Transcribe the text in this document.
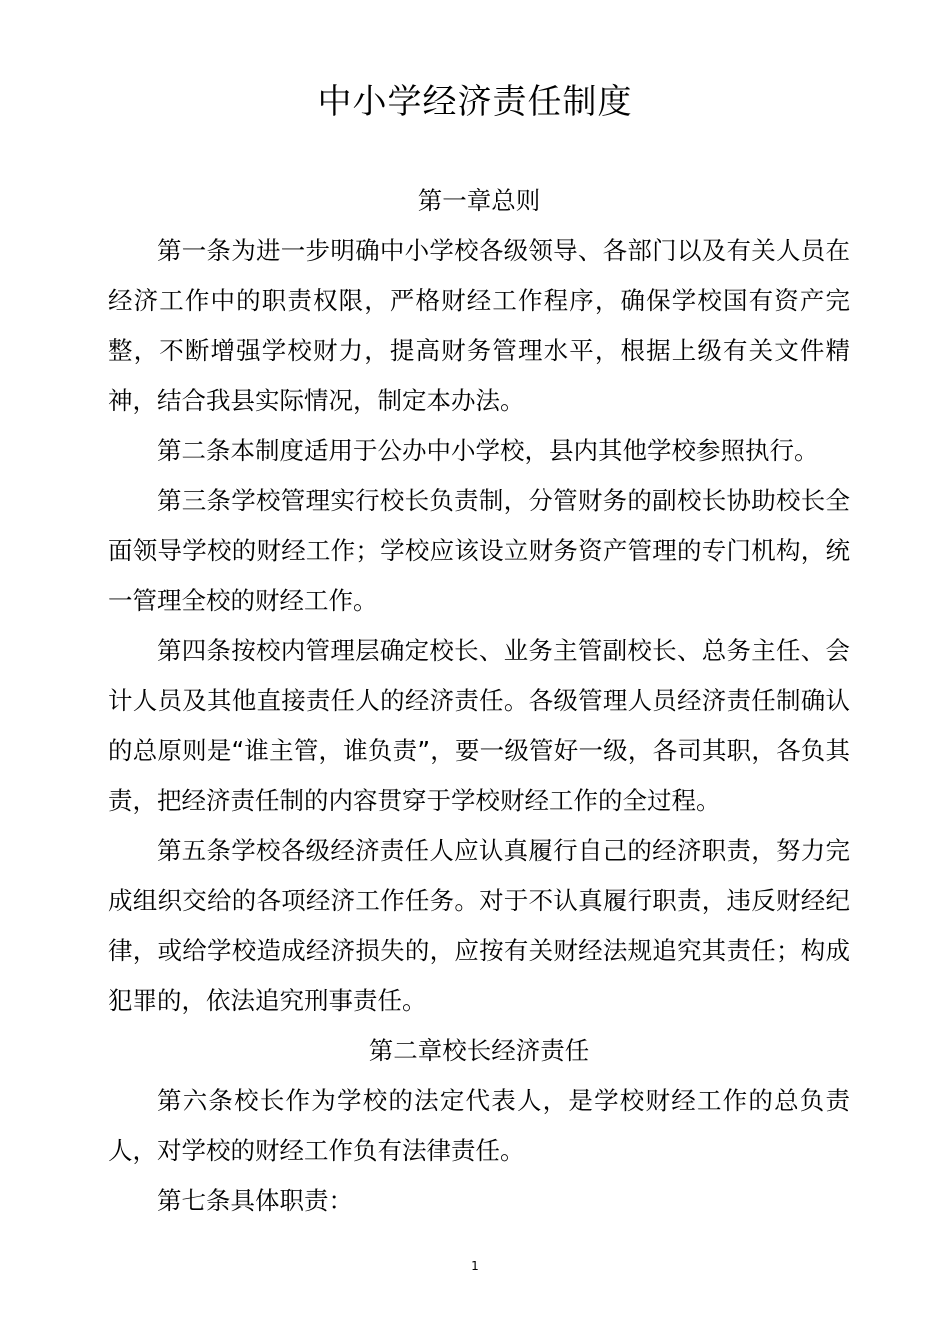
中小学经济责任制度

第一章总则

第一条为进一步明确中小学校各级领导、各部门以及有关人员在经济工作中的职责权限，严格财经工作程序，确保学校国有资产完整，不断增强学校财力，提高财务管理水平，根据上级有关文件精神，结合我县实际情况，制定本办法。

第二条本制度适用于公办中小学校，县内其他学校参照执行。

第三条学校管理实行校长负责制，分管财务的副校长协助校长全面领导学校的财经工作；学校应该设立财务资产管理的专门机构，统一管理全校的财经工作。

第四条按校内管理层确定校长、业务主管副校长、总务主任、会计人员及其他直接责任人的经济责任。各级管理人员经济责任制确认的总原则是“谁主管，谁负责”，要一级管好一级，各司其职，各负其责，把经济责任制的内容贯穿于学校财经工作的全过程。

第五条学校各级经济责任人应认真履行自己的经济职责，努力完成组织交给的各项经济工作任务。对于不认真履行职责，违反财经纪律，或给学校造成经济损失的，应按有关财经法规追究其责任；构成犯罪的，依法追究刑事责任。

第二章校长经济责任

第六条校长作为学校的法定代表人，是学校财经工作的总负责人，对学校的财经工作负有法律责任。

第七条具体职责：

1
